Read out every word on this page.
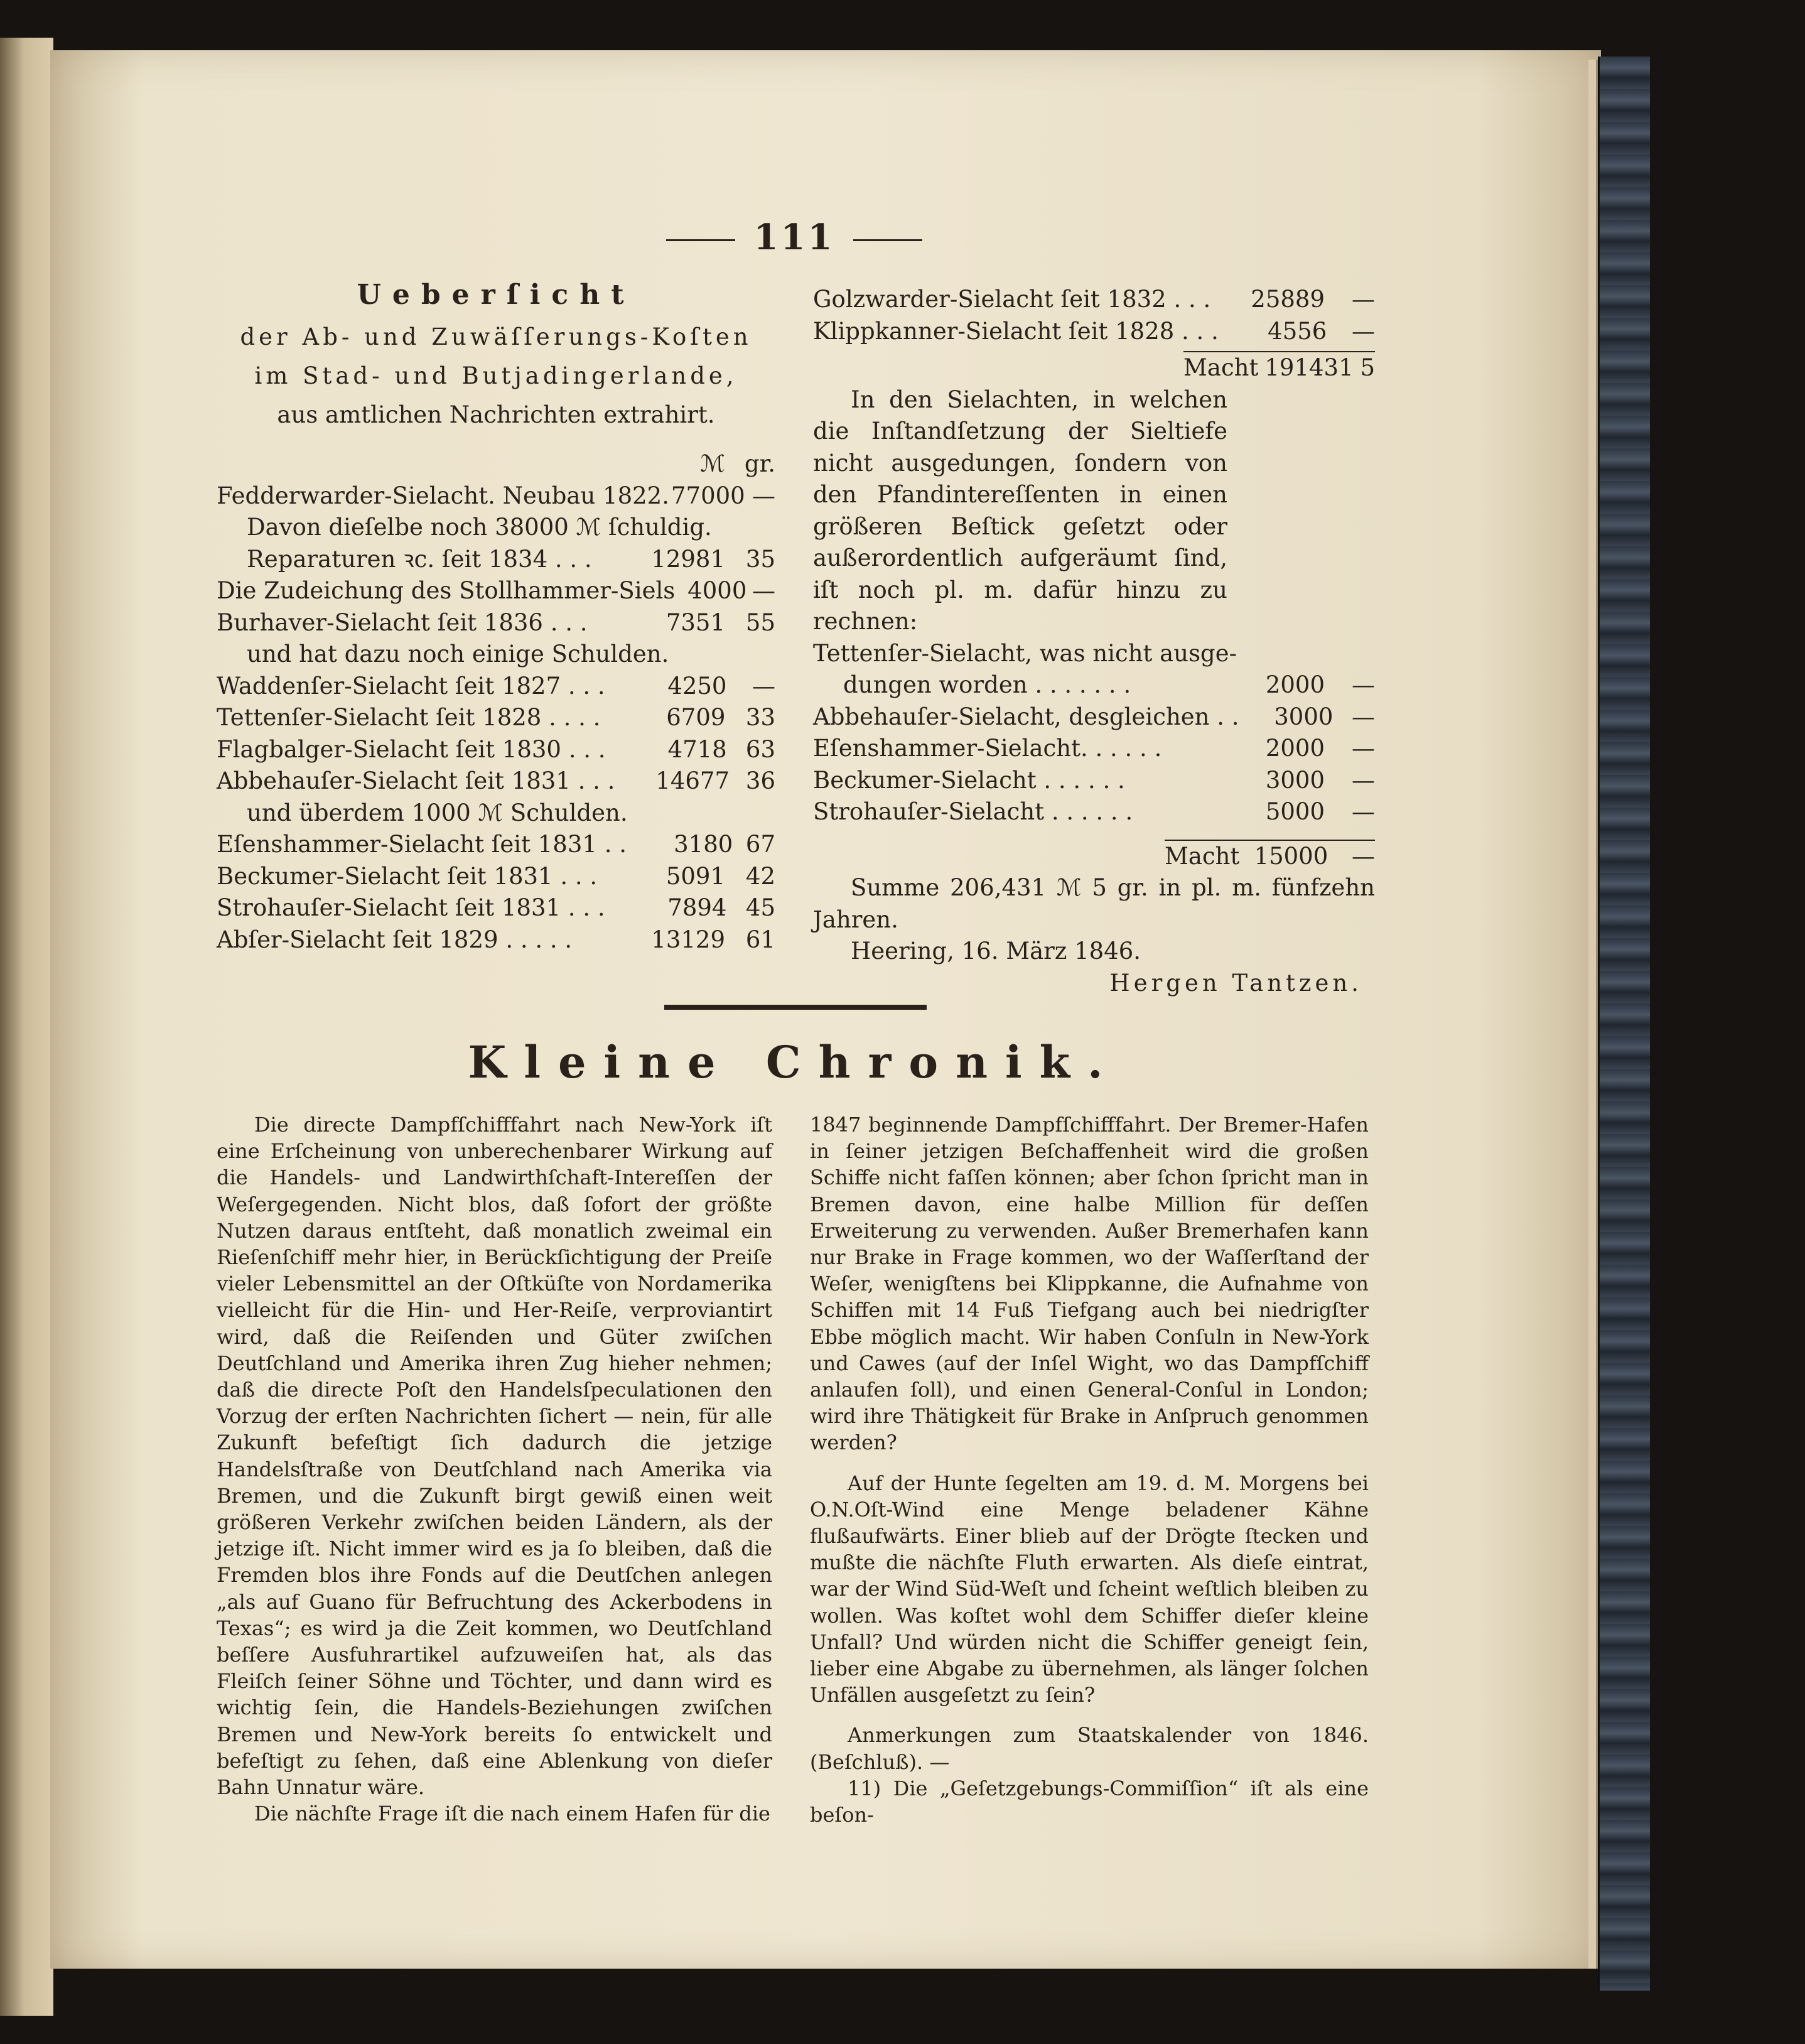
111
Ueberſicht
der Ab- und Zuwäſſerungs-Koſten
im Stad- und Butjadingerlande,
aus amtlichen Nachrichten extrahirt.
ℳ gr.
Fedderwarder-Sielacht. Neubau 1822. 77000 —
Davon dieſelbe noch 38000 ℳ ſchuldig.
Reparaturen ꝛc. ſeit 1834 . . .	12981 35
Die Zudeichung des Stollhammer-Siels 4000 —
Burhaver-Sielacht ſeit 1836 . . .	7351 55
und hat dazu noch einige Schulden.
Waddenſer-Sielacht ſeit 1827 . . .	4250	—
Tettenſer-Sielacht ſeit 1828 . . . .	6709 33
Flagbalger-Sielacht ſeit 1830 . . .	4718 63
Abbehauſer-Sielacht ſeit 1831 . . .	14677 36
und überdem 1000 ℳ Schulden.
Eſenshammer-Sielacht ſeit 1831 . .	3180 67
Beckumer-Sielacht ſeit 1831 . . .	5091 42
Strohauſer-Sielacht ſeit 1831 . . .	7894 45
Abſer-Sielacht ſeit 1829 . . . . .	13129 61
Golzwarder-Sielacht ſeit 1832 . . .	25889	—
Klippkanner-Sielacht ſeit 1828 . . .	4556	—
Macht 191431 5
In den Sielachten, in welchen die Inſtandſetzung der Sieltiefe nicht ausgedungen, ſondern von den Pfandintereſſenten in einen größeren Beſtick geſetzt oder außerordentlich aufgeräumt ſind, iſt noch pl. m. dafür hinzu zu rechnen:
Tettenſer-Sielacht, was nicht ausge-
dungen worden . . . . . . .	2000	—
Abbehauſer-Sielacht, desgleichen . .	3000 —
Eſenshammer-Sielacht. . . . . .	2000	—
Beckumer-Sielacht . . . . . .	3000	—
Strohauſer-Sielacht . . . . . .	5000	—
Macht 15000	—
Summe 206,431 ℳ 5 gr. in pl. m. fünfzehn Jahren.
Heering, 16. März 1846.
Hergen Tantzen.
Kleine Chronik.

Die directe Dampfſchifffahrt nach New-York iſt eine Erſcheinung von unberechenbarer Wirkung auf die Handels- und Landwirthſchaft-Intereſſen der Weſergegenden. Nicht blos, daß ſofort der größte Nutzen daraus entſteht, daß monatlich zweimal ein Rieſenſchiff mehr hier, in Berückſichtigung der Preiſe vieler Lebensmittel an der Oſtküſte von Nordamerika vielleicht für die Hin- und Her-Reiſe, verproviantirt wird, daß die Reiſenden und Güter zwiſchen Deutſchland und Amerika ihren Zug hieher nehmen; daß die directe Poſt den Handelsſpeculationen den Vorzug der erſten Nachrichten ſichert — nein, für alle Zukunft befeſtigt ſich dadurch die jetzige Handelsſtraße von Deutſchland nach Amerika via Bremen, und die Zukunft birgt gewiß einen weit größeren Verkehr zwiſchen beiden Ländern, als der jetzige iſt. Nicht immer wird es ja ſo bleiben, daß die Fremden blos ihre Fonds auf die Deutſchen anlegen „als auf Guano für Befruchtung des Ackerbodens in Texas“; es wird ja die Zeit kommen, wo Deutſchland beſſere Ausfuhrartikel aufzuweiſen hat, als das Fleiſch ſeiner Söhne und Töchter, und dann wird es wichtig ſein, die Handels-Beziehungen zwiſchen Bremen und New-York bereits ſo entwickelt und befeſtigt zu ſehen, daß eine Ablenkung von dieſer Bahn Unnatur wäre.

Die nächſte Frage iſt die nach einem Hafen für die

1847 beginnende Dampfſchifffahrt. Der Bremer-Hafen in ſeiner jetzigen Beſchaffenheit wird die großen Schiffe nicht faſſen können; aber ſchon ſpricht man in Bremen davon, eine halbe Million für deſſen Erweiterung zu verwenden. Außer Bremerhafen kann nur Brake in Frage kommen, wo der Waſſerſtand der Weſer, wenigſtens bei Klippkanne, die Aufnahme von Schiffen mit 14 Fuß Tiefgang auch bei niedrigſter Ebbe möglich macht. Wir haben Conſuln in New-York und Cawes (auf der Inſel Wight, wo das Dampfſchiff anlaufen ſoll), und einen General-Conſul in London; wird ihre Thätigkeit für Brake in Anſpruch genommen werden?

Auf der Hunte ſegelten am 19. d. M. Morgens bei O.N.Oſt-Wind eine Menge beladener Kähne flußaufwärts. Einer blieb auf der Drögte ſtecken und mußte die nächſte Fluth erwarten. Als dieſe eintrat, war der Wind Süd-Weſt und ſcheint weſtlich bleiben zu wollen. Was koſtet wohl dem Schiffer dieſer kleine Unfall? Und würden nicht die Schiffer geneigt ſein, lieber eine Abgabe zu übernehmen, als länger ſolchen Unfällen ausgeſetzt zu ſein?

Anmerkungen zum Staatskalender von 1846. (Beſchluß). —

11) Die „Geſetzgebungs-Commiſſion“ iſt als eine beſon-
